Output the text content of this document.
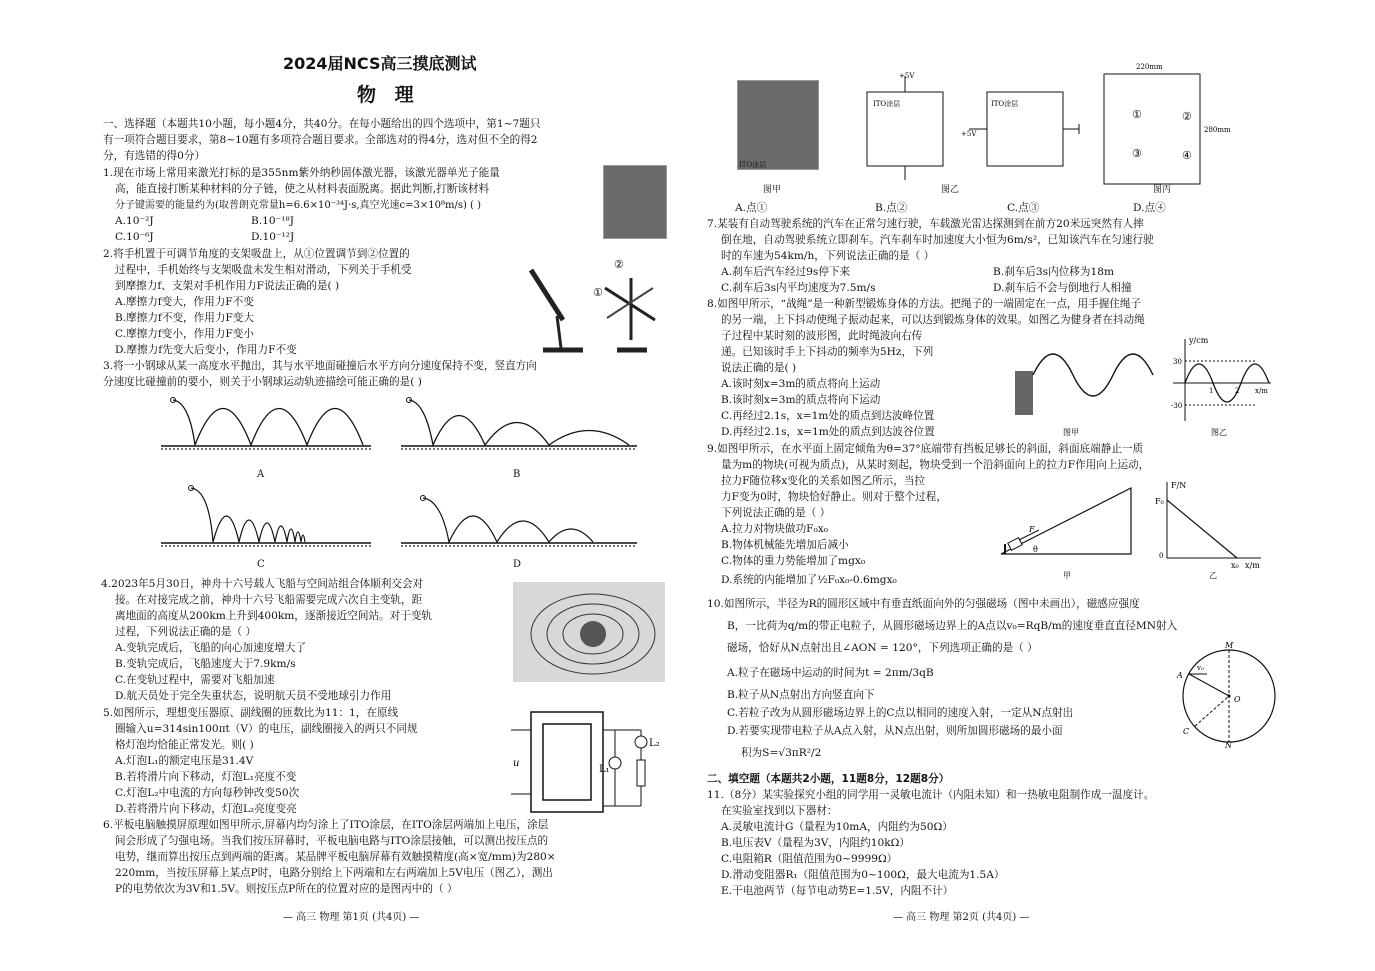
2024届NCS高三摸底测试
物 理
一、选择题（本题共10小题，每小题4分，共40分。在每小题给出的四个选项中，第1~7题只
有一项符合题目要求，第8~10题有多项符合题目要求。全部选对的得4分，选对但不全的得2
分，有选错的得0分）
1.现在市场上常用来激光打标的是355nm紫外纳秒固体激光器，该激光器单光子能量
高，能直接打断某种材料的分子链，使之从材料表面脱离。据此判断,打断该材料
分子键需要的能量约为(取普朗克常量h=6.6×10⁻³⁴J·s,真空光速c=3×10⁸m/s) ( )
A.10⁻²J	B.10⁻¹⁸J
C.10⁻⁶J	D.10⁻¹²J
2.将手机置于可调节角度的支架吸盘上，从①位置调节到②位置的
过程中，手机始终与支架吸盘未发生相对滑动，下列关于手机受
到摩擦力f、支架对手机作用力F说法正确的是( )
A.摩擦力f变大，作用力F不变
B.摩擦力f不变，作用力F变大
C.摩擦力f变小，作用力F变小
D.摩擦力f先变大后变小，作用力F不变
②
①
3.将一小钢球从某一高度水平抛出，其与水平地面碰撞后水平方向分速度保持不变，竖直方向
分速度比碰撞前的要小，则关于小钢球运动轨迹描绘可能正确的是( )
A	B
C	D
4.2023年5月30日，神舟十六号载人飞船与空间站组合体顺利交会对
接。在对接完成之前，神舟十六号飞船需要完成六次自主变轨，距
离地面的高度从200km上升到400km，逐渐接近空间站。对于变轨
过程，下列说法正确的是（ ）
A.变轨完成后，飞船的向心加速度增大了
B.变轨完成后，飞船速度大于7.9km/s
C.在变轨过程中，需要对飞船加速
D.航天员处于完全失重状态，说明航天员不受地球引力作用
5.如图所示，理想变压器原、副线圈的匝数比为11：1，在原线
圈输入u=314sin100πt（V）的电压，副线圈接入的两只不同规
格灯泡均恰能正常发光。则( )
A.灯泡L₁的额定电压是31.4V
B.若将滑片向下移动，灯泡L₁亮度不变
C.灯泡L₂中电流的方向每秒钟改变50次
D.若将滑片向下移动，灯泡L₂亮度变亮
u
L₁
L₂
6.平板电脑触摸屏原理如图甲所示,屏幕内均匀涂上了ITO涂层，在ITO涂层两端加上电压，涂层
间会形成了匀强电场。当我们按压屏幕时，平板电脑电路与ITO涂层接触，可以测出按压点的
电势，继而算出按压点到两端的距离。某品牌平板电脑屏幕有效触摸精度(高×宽/mm)为280×
220mm，当按压屏幕上某点P时，电路分别给上下两端和左右两端加上5V电压（图乙），测出
P的电势依次为3V和1.5V。则按压点P所在的位置对应的是图丙中的（ ）
— 高三 物理 第1页 (共4页) —
ITO涂层
图甲
+5V
ITO涂层	ITO涂层
+5V
图乙
220mm
280mm
①	②
③	④
图丙
A.点①	B.点②	C.点③	D.点④
7.某装有自动驾驶系统的汽车在正常匀速行驶，车载激光雷达探测到在前方20米远突然有人摔
倒在地，自动驾驶系统立即刹车。汽车刹车时加速度大小恒为6m/s²，已知该汽车在匀速行驶
时的车速为54km/h，下列说法正确的是（ ）
A.刹车后汽车经过9s停下来	B.刹车后3s内位移为18m
C.刹车后3s内平均速度为7.5m/s	D.刹车后不会与倒地行人相撞
8.如图甲所示，“战绳”是一种新型锻炼身体的方法。把绳子的一端固定在一点，用手握住绳子
的另一端，上下抖动使绳子振动起来，可以达到锻炼身体的效果。如图乙为健身者在抖动绳
子过程中某时刻的波形图，此时绳波向右传
递。已知该时手上下抖动的频率为5Hz，下列
说法正确的是( )
A.该时刻x=3m的质点将向上运动
B.该时刻x=3m的质点将向下运动
C.再经过2.1s，x=1m处的质点到达波峰位置
D.再经过2.1s，x=1m处的质点到达波谷位置
y/cm
30
-30
1	2 x/m
图甲	图乙
9.如图甲所示，在水平面上固定倾角为θ=37°底端带有挡板足够长的斜面，斜面底端静止一质
量为m的物块(可视为质点)，从某时刻起，物块受到一个沿斜面向上的拉力F作用向上运动，
拉力F随位移x变化的关系如图乙所示，当拉
力F变为0时，物块恰好静止。则对于整个过程，
下列说法正确的是（ ）
A.拉力对物块做功F₀x₀
B.物体机械能先增加后减小
C.物体的重力势能增加了mgx₀
D.系统的内能增加了½F₀x₀-0.6mgx₀
F
θ
F/N
F₀
0
x₀ x/m
甲	乙
10.如图所示，半径为R的圆形区域中有垂直纸面向外的匀强磁场（图中未画出），磁感应强度
B，一比荷为q/m的带正电粒子，从圆形磁场边界上的A点以v₀=RqB/m的速度垂直直径MN射入
磁场，恰好从N点射出且∠AON = 120°，下列选项正确的是（ ）
A.粒子在磁场中运动的时间为t = 2πm/3qB
B.粒子从N点射出方向竖直向下
C.若粒子改为从圆形磁场边界上的C点以相同的速度入射，一定从N点射出
D.若要实现带电粒子从A点入射，从N点出射，则所加圆形磁场的最小面
积为S=√3πR²/2
M
N
O
A
C
v₀
二、填空题（本题共2小题，11题8分，12题8分）
11.（8分）某实验探究小组的同学用一灵敏电流计（内阻未知）和一热敏电阻制作成一温度计。
在实验室找到以下器材：
A.灵敏电流计G（量程为10mA，内阻约为50Ω）
B.电压表V（量程为3V，内阻约10kΩ）
C.电阻箱R（阻值范围为0~9999Ω）
D.滑动变阻器R₁（阻值范围为0~100Ω，最大电流为1.5A）
E.干电池两节（每节电动势E=1.5V，内阻不计）
— 高三 物理 第2页 (共4页) —
